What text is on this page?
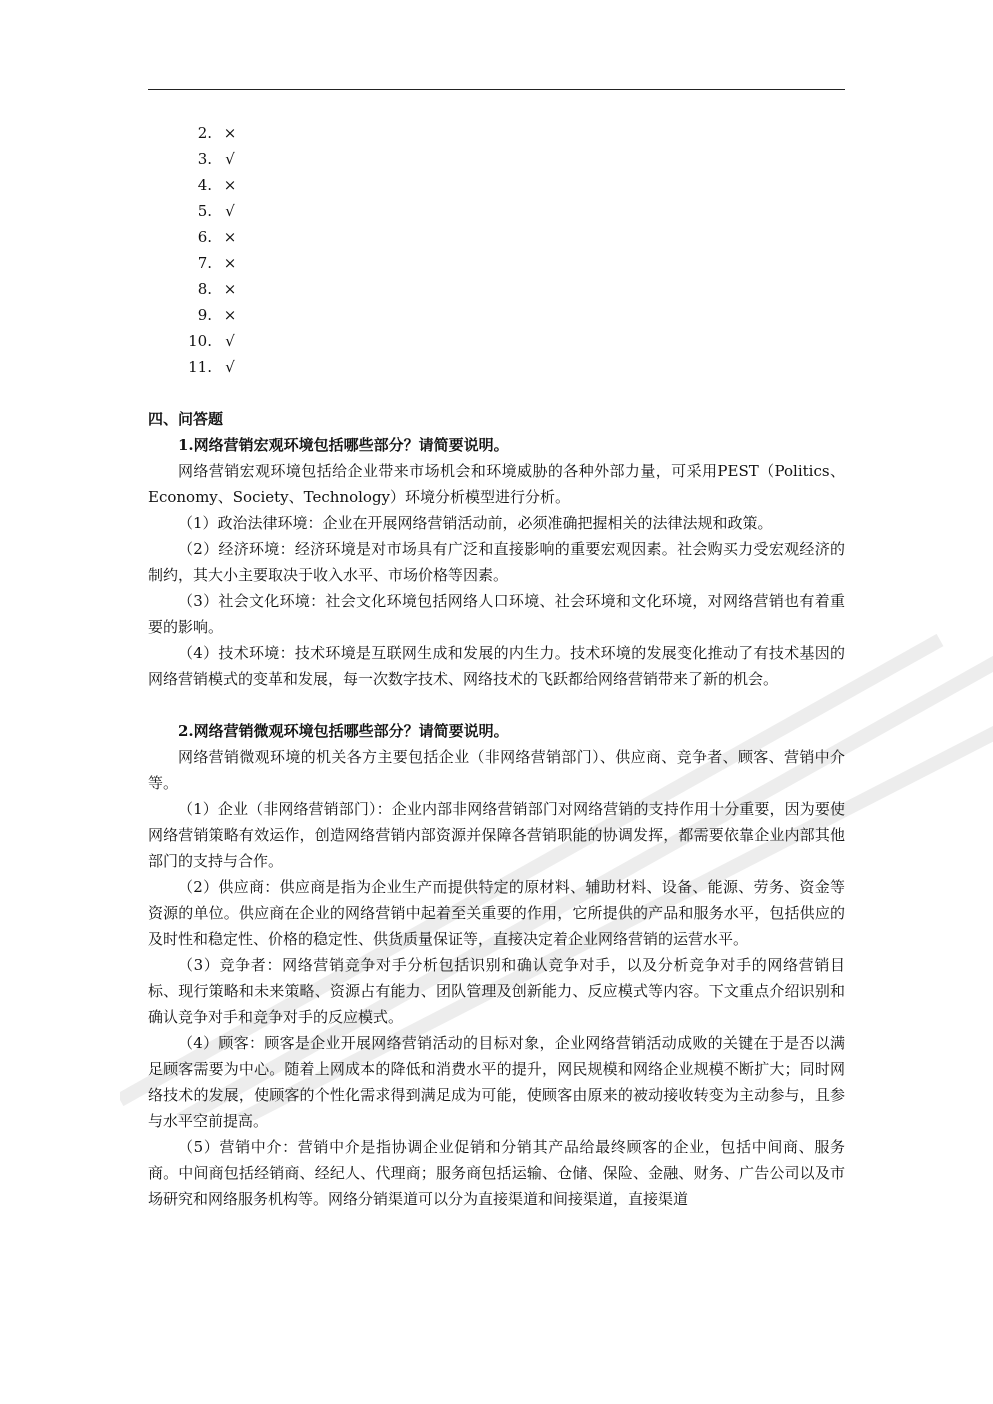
2. ×
3. √
4. ×
5. √
6. ×
7. ×
8. ×
9. ×
10. √
11. √
四、问答题
1.网络营销宏观环境包括哪些部分？请简要说明。

网络营销宏观环境包括给企业带来市场机会和环境威胁的各种外部力量，可采用PEST（Politics、Economy、Society、Technology）环境分析模型进行分析。

（1）政治法律环境：企业在开展网络营销活动前，必须准确把握相关的法律法规和政策。

（2）经济环境：经济环境是对市场具有广泛和直接影响的重要宏观因素。社会购买力受宏观经济的制约，其大小主要取决于收入水平、市场价格等因素。

（3）社会文化环境：社会文化环境包括网络人口环境、社会环境和文化环境，对网络营销也有着重要的影响。

（4）技术环境：技术环境是互联网生成和发展的内生力。技术环境的发展变化推动了有技术基因的网络营销模式的变革和发展，每一次数字技术、网络技术的飞跃都给网络营销带来了新的机会。

2.网络营销微观环境包括哪些部分？请简要说明。

网络营销微观环境的机关各方主要包括企业（非网络营销部门）、供应商、竞争者、顾客、营销中介等。

（1）企业（非网络营销部门）：企业内部非网络营销部门对网络营销的支持作用十分重要，因为要使网络营销策略有效运作，创造网络营销内部资源并保障各营销职能的协调发挥，都需要依靠企业内部其他部门的支持与合作。

（2）供应商：供应商是指为企业生产而提供特定的原材料、辅助材料、设备、能源、劳务、资金等资源的单位。供应商在企业的网络营销中起着至关重要的作用，它所提供的产品和服务水平，包括供应的及时性和稳定性、价格的稳定性、供货质量保证等，直接决定着企业网络营销的运营水平。

（3）竞争者：网络营销竞争对手分析包括识别和确认竞争对手，以及分析竞争对手的网络营销目标、现行策略和未来策略、资源占有能力、团队管理及创新能力、反应模式等内容。下文重点介绍识别和确认竞争对手和竞争对手的反应模式。

（4）顾客：顾客是企业开展网络营销活动的目标对象，企业网络营销活动成败的关键在于是否以满足顾客需要为中心。随着上网成本的降低和消费水平的提升，网民规模和网络企业规模不断扩大；同时网络技术的发展，使顾客的个性化需求得到满足成为可能，使顾客由原来的被动接收转变为主动参与，且参与水平空前提高。

（5）营销中介：营销中介是指协调企业促销和分销其产品给最终顾客的企业，包括中间商、服务商。中间商包括经销商、经纪人、代理商；服务商包括运输、仓储、保险、金融、财务、广告公司以及市场研究和网络服务机构等。网络分销渠道可以分为直接渠道和间接渠道，直接渠道
